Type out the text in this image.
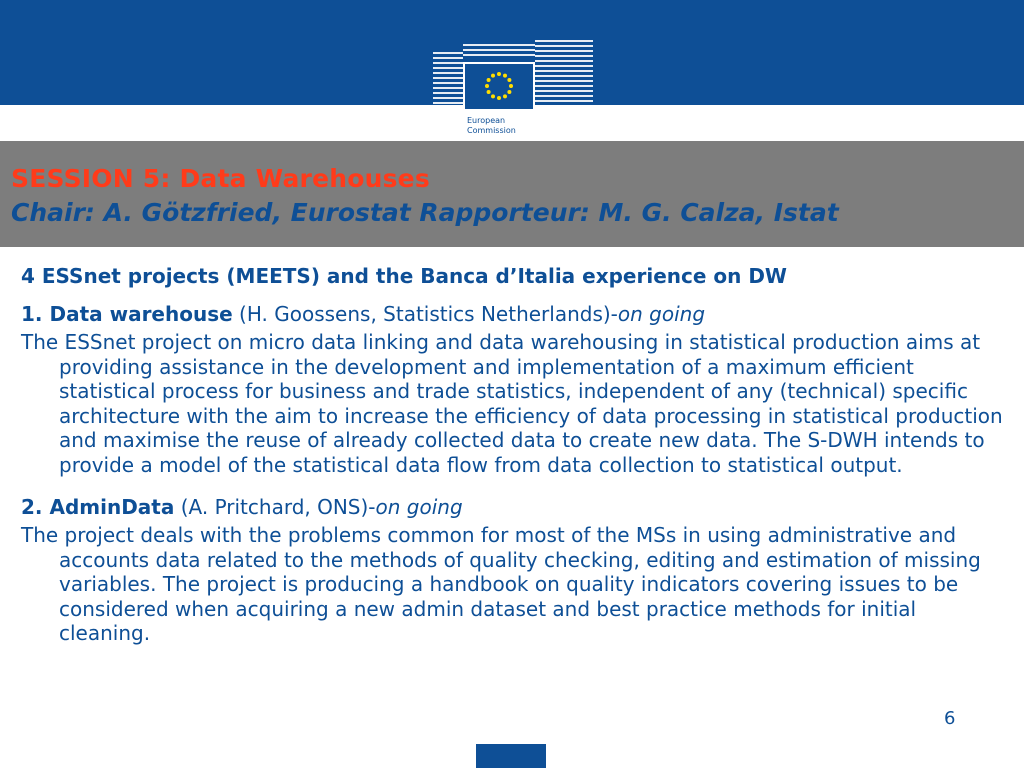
European
Commission

SESSION 5: Data Warehouses

Chair: A. Götzfried, Eurostat Rapporteur: M. G. Calza, Istat

4 ESSnet projects (MEETS) and the Banca d’Italia experience on DW

1. Data warehouse (H. Goossens, Statistics Netherlands)-on going

The ESSnet project on micro data linking and data warehousing in statistical production aims at providing assistance in the development and implementation of a maximum efficient statistical process for business and trade statistics, independent of any (technical) specific architecture with the aim to increase the efficiency of data processing in statistical production and maximise the reuse of already collected data to create new data. The S-DWH intends to provide a model of the statistical data flow from data collection to statistical output.

2. AdminData (A. Pritchard, ONS)-on going

The project deals with the problems common for most of the MSs in using administrative and accounts data related to the methods of quality checking, editing and estimation of missing variables. The project is producing a handbook on quality indicators covering issues to be considered when acquiring a new admin dataset and best practice methods for initial cleaning.

6
